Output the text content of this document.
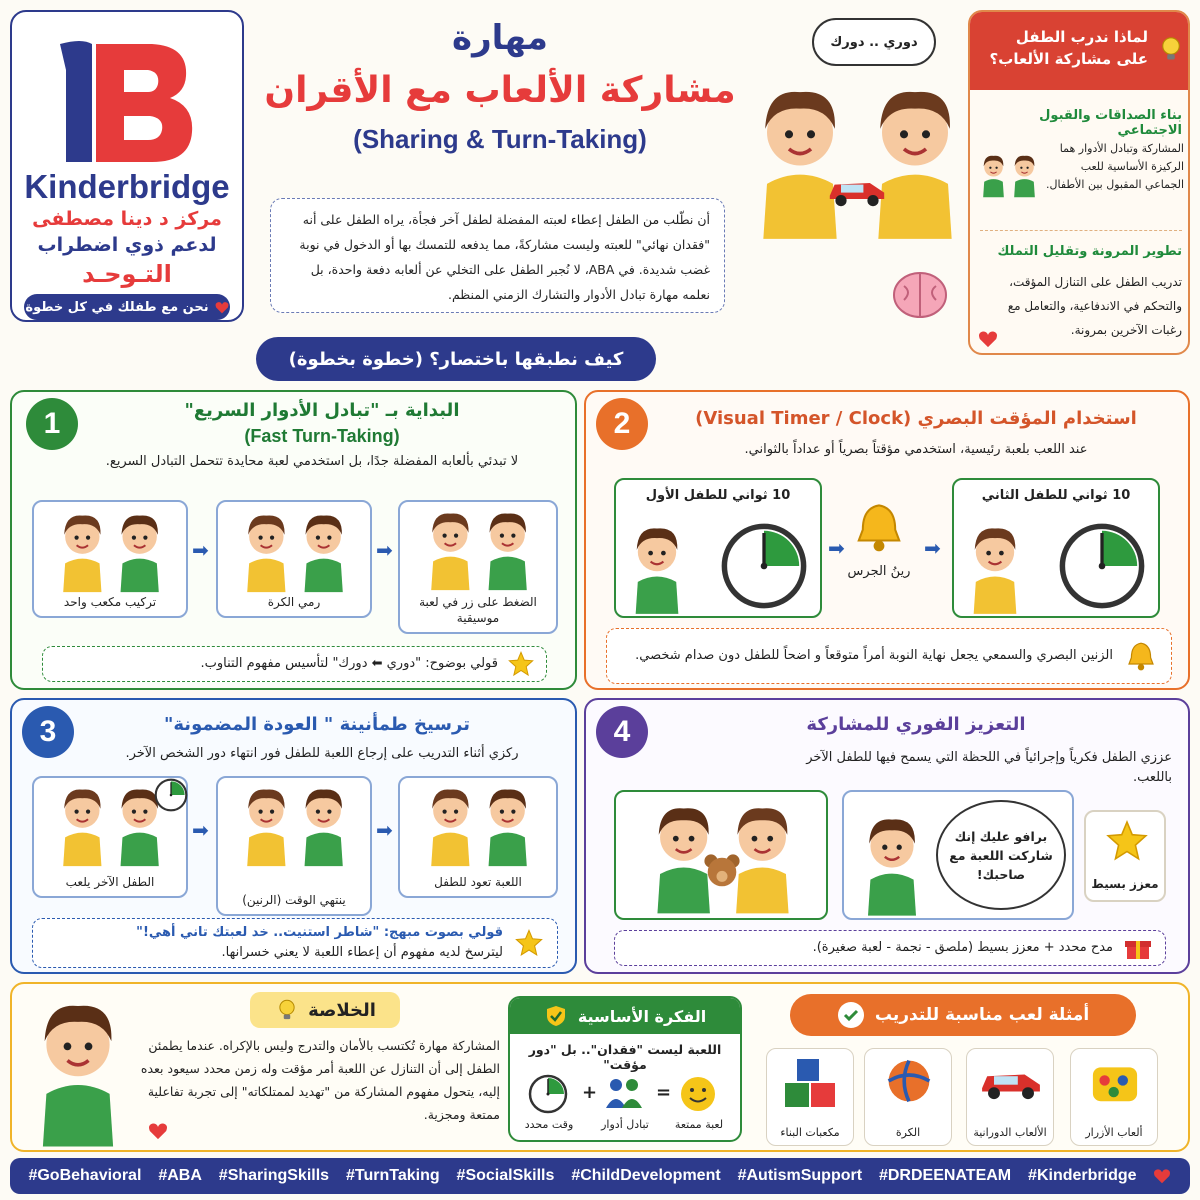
Kinderbridge
مركز د دينا مصطفى
لدعم ذوي اضطراب
التـوحـد
نحن مع طفلك في كل خطوة
مهارة
مشاركة الألعاب مع الأقران
(Sharing & Turn-Taking)
أن نطّلب من الطفل إعطاء لعبته المفضلة لطفل آخر فجأة، يراه الطفل على أنه "فقدان نهائي" للعبته وليست مشاركةً، مما يدفعه للتمسك بها أو الدخول في نوبة غضب شديدة. في ABA، لا نُجبر الطفل على التخلي عن ألعابه دفعة واحدة، بل نعلمه مهارة تبادل الأدوار والتشارك الزمني المنظم.
دوري .. دورك	لماذا ندرب الطفل على مشاركة الألعاب؟
بناء الصداقات والقبول الاجتماعي
المشاركة وتبادل الأدوار هما الركيزة الأساسية للعب الجماعي المقبول بين الأطفال.
تطوير المرونة وتقليل التملك
تدريب الطفل على التنازل المؤقت، والتحكم في الاندفاعية، والتعامل مع رغبات الآخرين بمرونة.
كيف نطبقها باختصار؟ (خطوة بخطوة)
1	البداية بـ "تبادل الأدوار السريع"
(Fast Turn-Taking)
لا تبدئي بألعابه المفضلة جدًا، بل استخدمي لعبة محايدة تتحمل التبادل السريع.
تركيب مكعب واحد
➡
رمي الكرة
➡
الضغط على زر في لعبة موسيقية
قولي بوضوح: "دوري ⬅ دورك" لتأسيس مفهوم التناوب.
2	استخدام المؤقت البصري (Visual Timer / Clock)
عند اللعب بلعبة رئيسية، استخدمي مؤقتاً بصرياً أو عداداً بالثواني.
10 ثواني للطفل الأول
➡
رينُ الجرس
➡
10 ثواني للطفل الثاني
الزنين البصري والسمعي يجعل نهاية النوبة أمراً متوقعاً و اضحاً للطفل دون صدام شخصي.
3	ترسيخ طمأنينة " العودة المضمونة"
ركزي أثناء التدريب على إرجاع اللعبة للطفل فور انتهاء دور الشخص الآخر.
الطفل الآخر يلعب
➡
ينتهي الوقت (الرنين)
➡
اللعبة تعود للطفل
قولي بصوت مبهج: "شاطر استنيت.. خد لعبتك تاني أهي!"
ليترسخ لديه مفهوم أن إعطاء اللعبة لا يعني خسرانها.
4	التعزيز الفوري للمشاركة
عززي الطفل فكرياً وإجرائياً في اللحظة التي يسمح فيها للطفل الآخر باللعب.
برافو عليك إنك شاركت اللعبة مع صاحبك!
معزز بسيط
مدح محدد + معزز بسيط (ملصق - نجمة - لعبة صغيرة).
الخلاصة
المشاركة مهارة تُكتسب بالأمان والتدرج وليس بالإكراه. عندما يطمئن الطفل إلى أن التنازل عن اللعبة أمر مؤقت وله زمن محدد سيعود بعده إليه، يتحول مفهوم المشاركة من "تهديد لممتلكاته" إلى تجربة تفاعلية ممتعة ومجزية.
الفكرة الأساسية
اللعبة ليست "فقدان".. بل "دور مؤقت"
=
+
لعبة ممتعة
تبادل أدوار
وقت محدد
أمثلة لعب مناسبة للتدريب
ألعاب الأزرار
الألعاب الدورانية
الكرة
مكعبات البناء
#GoBehavioral #ABA #SharingSkills #TurnTaking #SocialSkills #ChildDevelopment #AutismSupport #DRDEENATEAM #Kinderbridge
